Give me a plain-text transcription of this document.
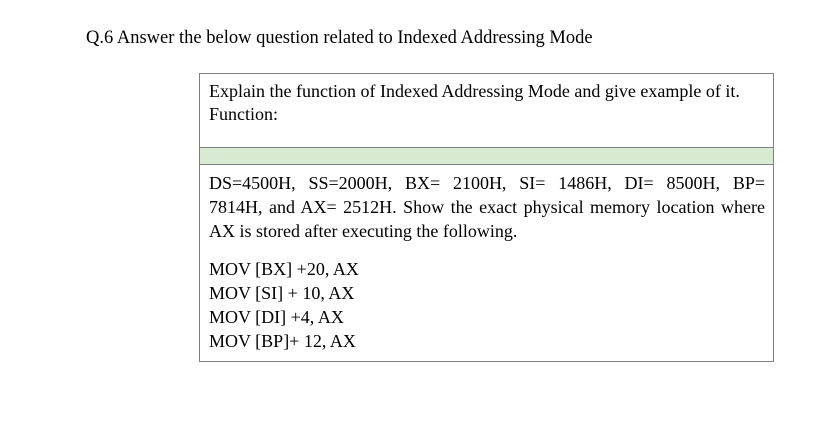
Q.6 Answer the below question related to Indexed Addressing Mode
Explain the function of Indexed Addressing Mode and give example of it.
Function:
DS=4500H, SS=2000H, BX= 2100H, SI= 1486H, DI= 8500H, BP=
7814H, and AX= 2512H. Show the exact physical memory location where
AX is stored after executing the following.
MOV [BX] +20, AX
MOV [SI] + 10, AX
MOV [DI] +4, AX
MOV [BP]+ 12, AX
